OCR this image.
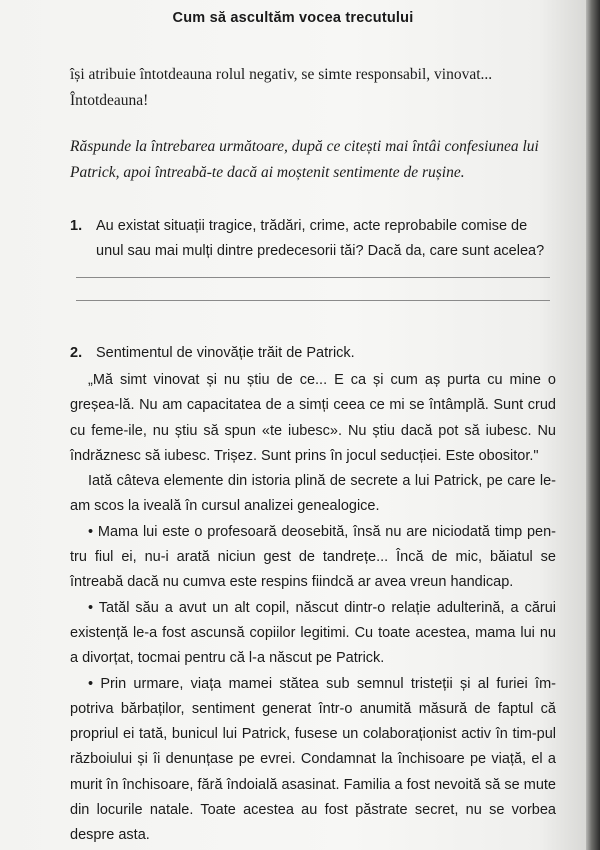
Cum să ascultăm vocea trecutului
își atribuie întotdeauna rolul negativ, se simte responsabil, vinovat... Întotdeauna!
Răspunde la întrebarea următoare, după ce citești mai întâi confesiunea lui Patrick, apoi întreabă-te dacă ai moștenit sentimente de rușine.
1. Au existat situații tragice, trădări, crime, acte reprobabile comise de unul sau mai mulți dintre predecesorii tăi? Dacă da, care sunt acelea?
2. Sentimentul de vinovăție trăit de Patrick.

„Mă simt vinovat și nu știu de ce... E ca și cum aș purta cu mine o greșea-lă. Nu am capacitatea de a simți ceea ce mi se întâmplă. Sunt crud cu feme-ile, nu știu să spun «te iubesc». Nu știu dacă pot să iubesc. Nu îndrăznesc să iubesc. Trișez. Sunt prins în jocul seducției. Este obositor."

Iată câteva elemente din istoria plină de secrete a lui Patrick, pe care le-am scos la iveală în cursul analizei genealogice.

• Mama lui este o profesoară deosebită, însă nu are niciodată timp pen-tru fiul ei, nu-i arată niciun gest de tandrețe... Încă de mic, băiatul se întreabă dacă nu cumva este respins fiindcă ar avea vreun handicap.

• Tatăl său a avut un alt copil, născut dintr-o relație adulterină, a cărui existență le-a fost ascunsă copiilor legitimi. Cu toate acestea, mama lui nu a divorțat, tocmai pentru că l-a născut pe Patrick.

• Prin urmare, viața mamei stătea sub semnul tristeții și al furiei îm-potriva bărbaților, sentiment generat într-o anumită măsură de faptul că propriul ei tată, bunicul lui Patrick, fusese un colaboraționist activ în tim-pul războiului și îi denunțase pe evrei. Condamnat la închisoare pe viață, el a murit în închisoare, fără îndoială asasinat. Familia a fost nevoită să se mute din locurile natale. Toate acestea au fost păstrate secret, nu se vorbea despre asta.
